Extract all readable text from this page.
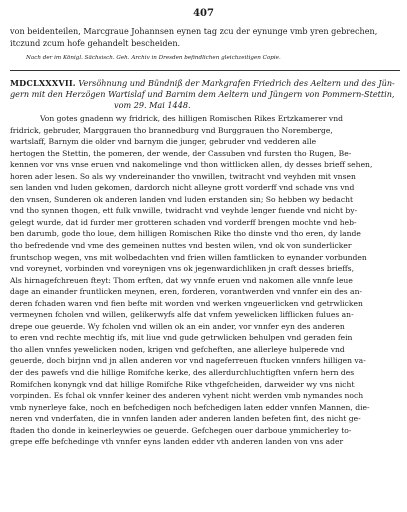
407
von beidenteilen, Marcgraue Johannsen eynen tag zcu der eynunge vmb yren gebrechen,
itczund zcum hofe gehandelt bescheiden.
Nach der im Königl. Sächsisch. Geh. Archiv in Dresden befindlichen gleichzeitigen Copie.
MDCLXXXVII. Versöhnung und Bündniß der Markgrafen Friedrich des Aeltern und des Jün-
gern mit den Herzögen Wartislaf und Barnim dem Aeltern und Jüngern von Pommern-Stettin,
vom 29. Mai 1448.
Von gotes gnadenn wy fridrick, des hilligen Romischen Rikes Ertzkamerer vnd
fridrick, gebruder, Marggrauen tho brannedburg vnd Burggrauen tho Noremberge,
wartslaff, Barnym die older vnd barnym die junger, gebruder vnd vedderen alle
hertogen the Stettin, the pomeren, der wende, der Cassuben vnd fursten tho Rugen, Be-
kennen vor vns vnse eruen vnd nakomelinge vnd thon wittlicken allen, dy desses brieff sehen,
horen ader lesen. So als wy vndereinander tho vnwillen, twitracht vnd veyhden mit vnsen
sen landen vnd luden gekomen, dardorch nicht alleyne grott vorderff vnd schade vns vnd
den vnsen, Sunderen ok anderen landen vnd luden erstanden sin; So hebben wy bedacht
vnd tho synnen thogen, ett fulk vnwille, twidracht vnd veyhde lenger fuende vnd nicht by-
gelegt wurde, dat id furder mer grotteren schaden vnd vorderff brengen mochte vnd heb-
ben darumb, gode tho loue, dem hilligen Romischen Rike tho dinste vnd tho eren, dy lande
tho befredende vnd vme des gemeinen nuttes vnd besten wilen, vnd ok von sunderlicker
fruntschop wegen, vns mit wolbedachten vnd frien willen famtlicken to eynander vorbunden
vnd voreynet, vorbinden vnd voreynigen vns ok jegenwardichliken jn craft desses brieffs,
Als hirnagefchreuen fteyt: Thom erften, dat wy vnnfe eruen vnd nakomen alle vnnfe leue
dage an einander fruntlicken meynen, eren, forderen, vorantwerden vnd vnnfer ein des an-
deren fchaden waren vnd fien befte mit worden vnd werken vngeuerlicken vnd getrwlicken
vermeynen fcholen vnd willen, gelikerwyfs alfe dat vnfem yewelicken lifflicken fulues an-
drepe oue geuerde. Wy fcholen vnd willen ok an ein ander, vor vnnfer eyn des anderen
to eren vnd rechte mechtig ifs, mit liue vnd gude getrwlicken behulpen vnd geraden fein
tho allen vnnfes yewelicken noden, krigen vnd gefcheften, ane allerleye hulperede vnd
geuerde, doch birjnn vnd jn allen anderen vor vnd nageferreuen ftucken vnnfers hilligen va-
der des pawefs vnd die hillige Romifche kerke, des allerdurchluchtigften vnfern hern des
Romifchen konyngk vnd dat hillige Romifche Rike vthgefcheiden, darweider wy vns nicht
vorpinden. Es fchal ok vnnfer keiner des anderen vyhent nicht werden vmb nymandes noch
vmb nynerleye fake, noch en befchedigen noch befchedigen laten edder vnnfen Mannen, die-
neren vnd vnderfaten, die in vnnfen landen ader anderen landen befeten fint, des nicht ge-
ftaden tho donde in keinerleywies oe geuerde. Gefchegen ouer darboue ymmicherley to-
grepe effe befchedinge vth vnnfer eyns landen edder vth anderen landen von vns ader
